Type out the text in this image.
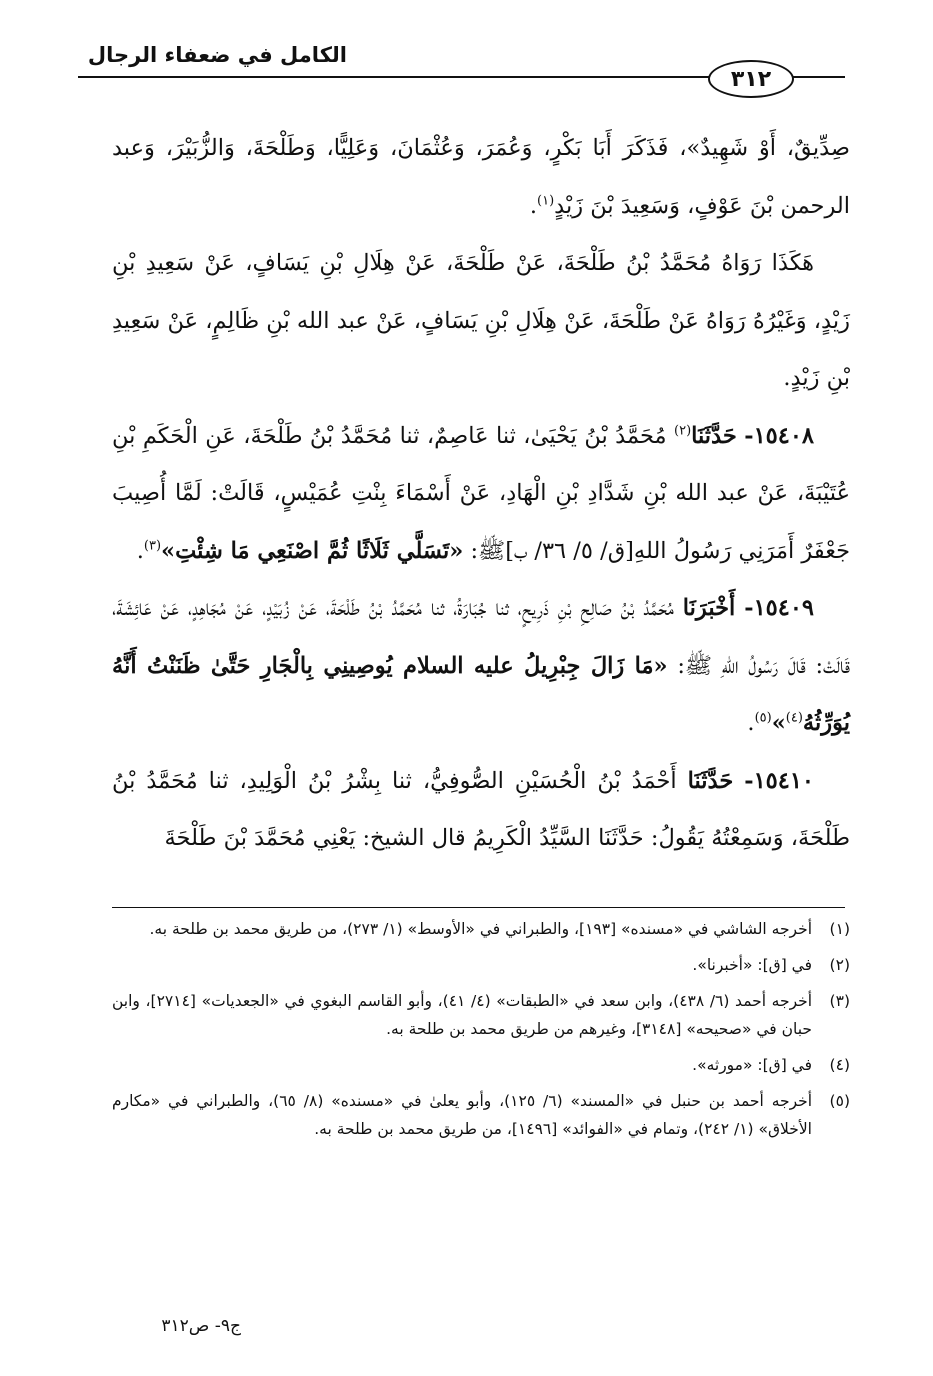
الكامل في ضعفاء الرجال
٣١٢

صِدِّيقٌ، أَوْ شَهِيدٌ»، فَذَكَرَ أَبَا بَكْرٍ، وَعُمَرَ، وَعُثْمَانَ، وَعَلِيًّا، وَطَلْحَةَ، وَالزُّبَيْرَ، وَعبد الرحمن بْنَ عَوْفٍ، وَسَعِيدَ بْنَ زَيْدٍ$^{(١)}$.

هَكَذَا رَوَاهُ مُحَمَّدُ بْنُ طَلْحَةَ، عَنْ طَلْحَةَ، عَنْ هِلَالِ بْنِ يَسَافٍ، عَنْ سَعِيدِ بْنِ زَيْدٍ، وَغَيْرُهُ رَوَاهُ عَنْ طَلْحَةَ، عَنْ هِلَالِ بْنِ يَسَافٍ، عَنْ عبد الله بْنِ ظَالِمٍ، عَنْ سَعِيدِ بْنِ زَيْدٍ.

١٥٤٠٨- حَدَّثَنَا$^{(٢)}$ مُحَمَّدُ بْنُ يَحْيَىٰ، ثنا عَاصِمٌ، ثنا مُحَمَّدُ بْنُ طَلْحَةَ، عَنِ الْحَكَمِ بْنِ عُتَيْبَةَ، عَنْ عبد الله بْنِ شَدَّادِ بْنِ الْهَادِ، عَنْ أَسْمَاءَ بِنْتِ عُمَيْسٍ، قَالَتْ: لَمَّا أُصِيبَ جَعْفَرٌ أَمَرَنِي رَسُولُ اللهِ[ق/ ٥/ ٣٦/ ب]ﷺ: «تَسَلَّي ثَلَاثًا ثُمَّ اصْنَعِي مَا شِئْتِ»$^{(٣)}$.

١٥٤٠٩- أَخْبَرَنَا مُحَمَّدُ بْنُ صَالِحِ بْنِ ذَرِيحٍ، ثنا جُبَارَةُ، ثنا مُحَمَّدُ بْنُ طَلْحَةَ، عَنْ زُبَيْدٍ، عَنْ مُجَاهِدٍ، عَنْ عَائِشَةَ، قَالَتْ: قَالَ رَسُولُ اللهِ ﷺ: «مَا زَالَ جِبْرِيلُ عليه السلام يُوصِينِي بِالْجَارِ حَتَّىٰ ظَنَنْتُ أَنَّهُ يُوَرِّثُهُ$^{(٤)}$»$^{(٥)}$.

١٥٤١٠- حَدَّثَنَا أَحْمَدُ بْنُ الْحُسَيْنِ الصُّوفِيُّ، ثنا بِشْرُ بْنُ الْوَلِيدِ، ثنا مُحَمَّدُ بْنُ طَلْحَةَ، وَسَمِعْتُهُ يَقُولُ: حَدَّثَنَا السَّيِّدُ الْكَرِيمُ قال الشيخ: يَعْنِي مُحَمَّدَ بْنَ طَلْحَةَ

(١)
أخرجه الشاشي في «مسنده» [١٩٣]، والطبراني في «الأوسط» (١/ ٢٧٣)، من طريق محمد بن طلحة به.
(٢)
في [ق]: «أخبرنا».
(٣)
أخرجه أحمد (٦/ ٤٣٨)، وابن سعد في «الطبقات» (٤/ ٤١)، وأبو القاسم البغوي في «الجعديات» [٢٧١٤]، وابن حبان في «صحيحه» [٣١٤٨]، وغيرهم من طريق محمد بن طلحة به.
(٤)
في [ق]: «مورثه».
(٥)
أخرجه أحمد بن حنبل في «المسند» (٦/ ١٢٥)، وأبو يعلىٰ في «مسنده» (٨/ ٦٥)، والطبراني في «مكارم الأخلاق» (١/ ٢٤٢)، وتمام في «الفوائد» [١٤٩٦]، من طريق محمد بن طلحة به.
ج٩- ص٣١٢
